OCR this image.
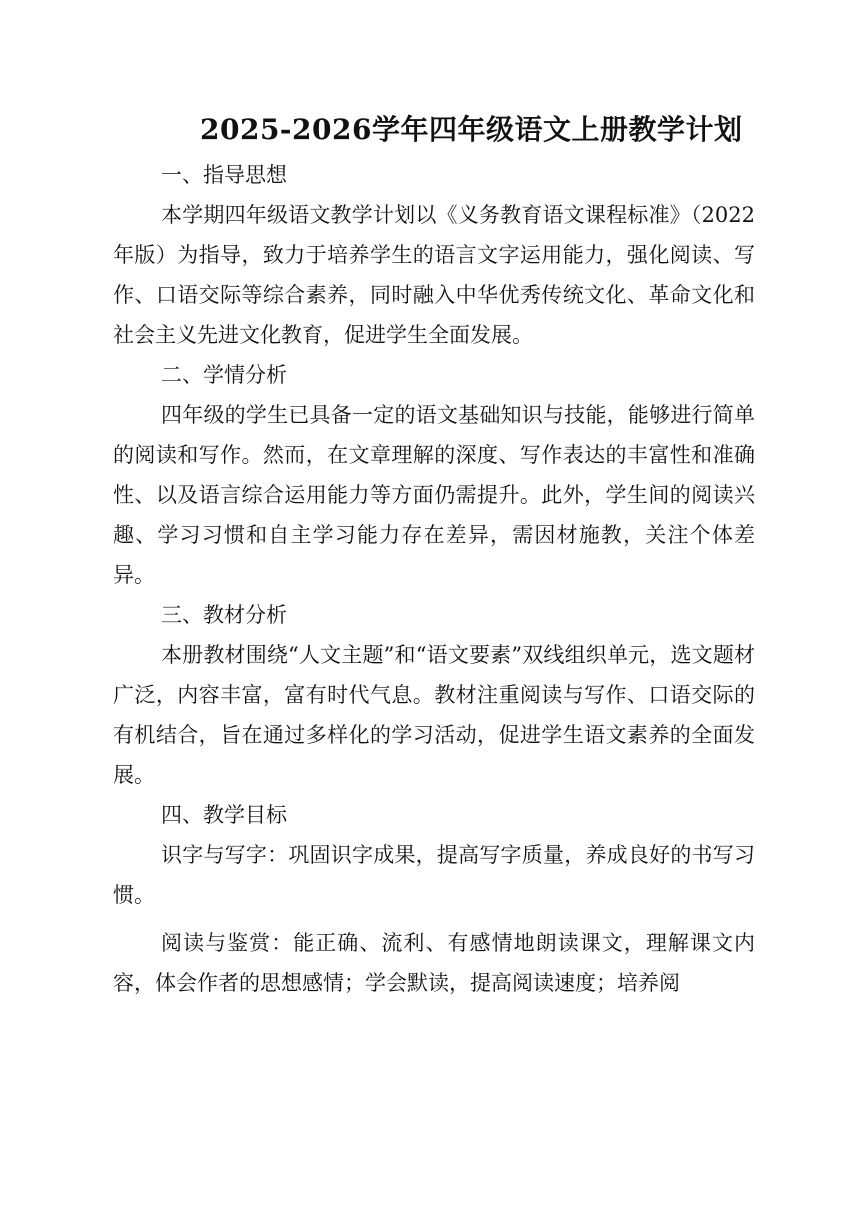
2025-2026学年四年级语文上册教学计划

一、指导思想

本学期四年级语文教学计划以《义务教育语文课程标准》（2022年版）为指导，致力于培养学生的语言文字运用能力，强化阅读、写作、口语交际等综合素养，同时融入中华优秀传统文化、革命文化和社会主义先进文化教育，促进学生全面发展。

二、学情分析

四年级的学生已具备一定的语文基础知识与技能，能够进行简单的阅读和写作。然而，在文章理解的深度、写作表达的丰富性和准确性、以及语言综合运用能力等方面仍需提升。此外，学生间的阅读兴趣、学习习惯和自主学习能力存在差异，需因材施教，关注个体差异。

三、教材分析

本册教材围绕“人文主题”和“语文要素”双线组织单元，选文题材广泛，内容丰富，富有时代气息。教材注重阅读与写作、口语交际的有机结合，旨在通过多样化的学习活动，促进学生语文素养的全面发展。

四、教学目标

识字与写字：巩固识字成果，提高写字质量，养成良好的书写习惯。

阅读与鉴赏：能正确、流利、有感情地朗读课文，理解课文内容，体会作者的思想感情；学会默读，提高阅读速度；培养阅
